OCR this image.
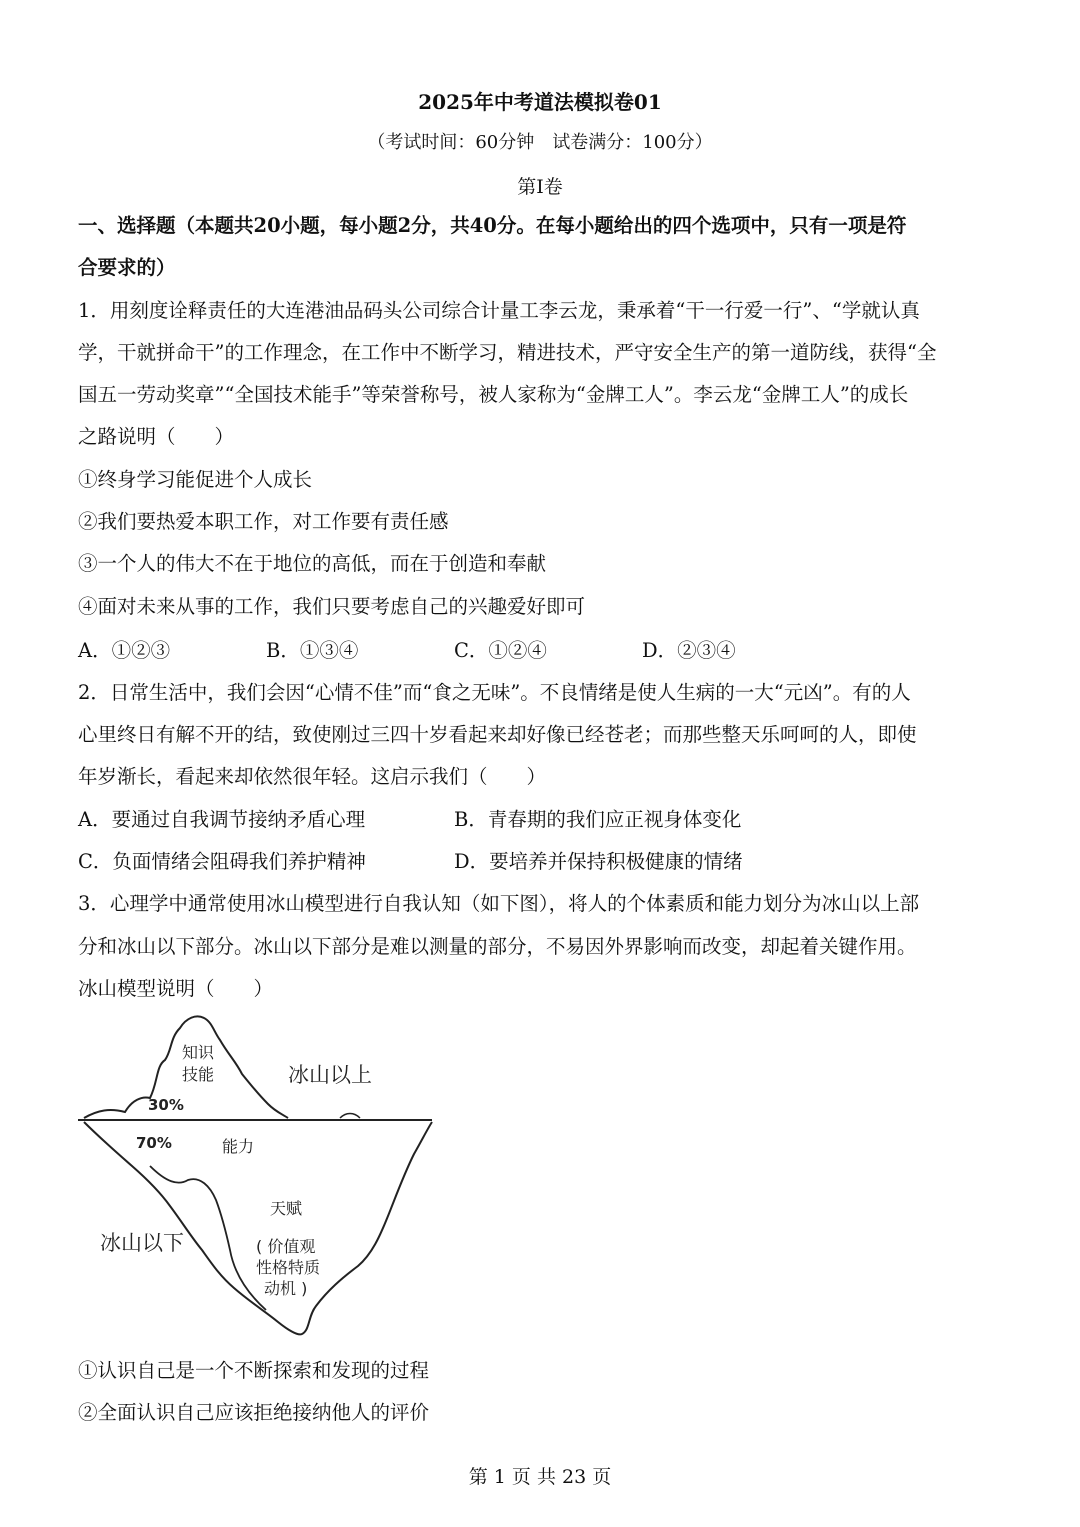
2025年中考道法模拟卷01
（考试时间：60分钟　试卷满分：100分）
第Ⅰ卷
一、选择题（本题共20小题，每小题2分，共40分。在每小题给出的四个选项中，只有一项是符
合要求的）
1．用刻度诠释责任的大连港油品码头公司综合计量工李云龙，秉承着“干一行爱一行”、“学就认真
学，干就拼命干”的工作理念，在工作中不断学习，精进技术，严守安全生产的第一道防线，获得“全
国五一劳动奖章”“全国技术能手”等荣誉称号，被人家称为“金牌工人”。李云龙“金牌工人”的成长
之路说明（　　）
①终身学习能促进个人成长
②我们要热爱本职工作，对工作要有责任感
③一个人的伟大不在于地位的高低，而在于创造和奉献
④面对未来从事的工作，我们只要考虑自己的兴趣爱好即可
A．①②③	B．①③④	C．①②④	D．②③④
2．日常生活中，我们会因“心情不佳”而“食之无味”。不良情绪是使人生病的一大“元凶”。有的人
心里终日有解不开的结，致使刚过三四十岁看起来却好像已经苍老；而那些整天乐呵呵的人，即使
年岁渐长，看起来却依然很年轻。这启示我们（　　）
A．要通过自我调节接纳矛盾心理	B．青春期的我们应正视身体变化
C．负面情绪会阻碍我们养护精神	D．要培养并保持积极健康的情绪
3．心理学中通常使用冰山模型进行自我认知（如下图），将人的个体素质和能力划分为冰山以上部
分和冰山以下部分。冰山以下部分是难以测量的部分，不易因外界影响而改变，却起着关键作用。
冰山模型说明（　　）
知识
技能	冰山以上
30%
70%	能力
天赋
( 价值观
性格特质
动机 )
冰山以下
①认识自己是一个不断探索和发现的过程
②全面认识自己应该拒绝接纳他人的评价
第 1 页 共 23 页
